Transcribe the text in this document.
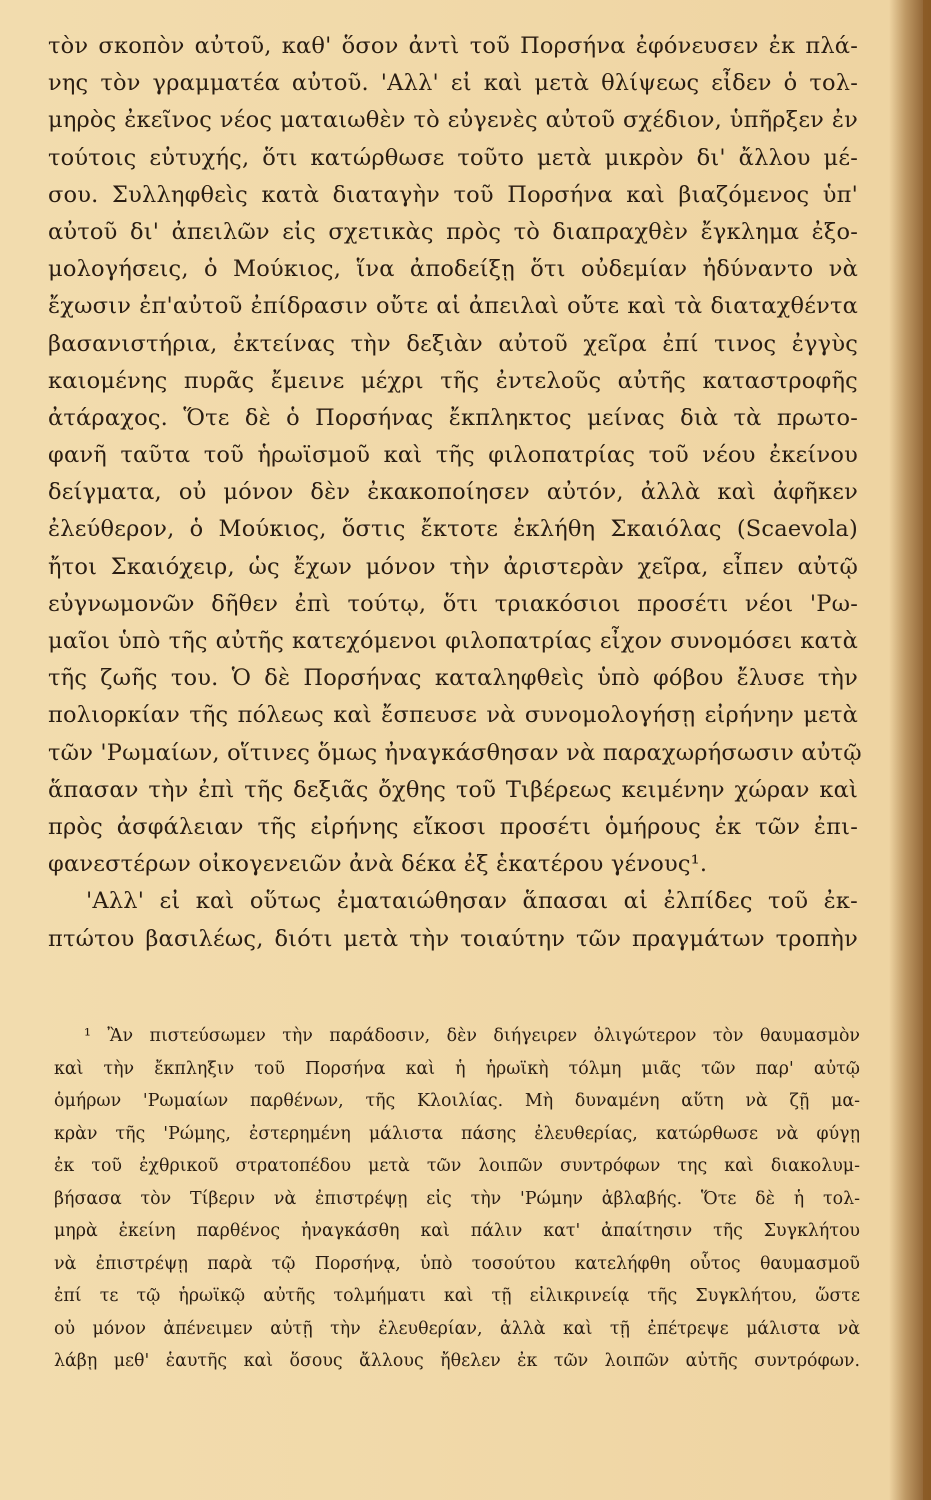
τὸν σκοπὸν αὐτοῦ, καθ' ὅσον ἀντὶ τοῦ Πορσήνα ἐφόνευσεν ἐκ πλά-
νης τὸν γραμματέα αὐτοῦ. 'Αλλ' εἰ καὶ μετὰ θλίψεως εἶδεν ὁ τολ-
μηρὸς ἐκεῖνος νέος ματαιωθὲν τὸ εὐγενὲς αὐτοῦ σχέδιον, ὑπῆρξεν ἐν
τούτοις εὐτυχής, ὅτι κατώρθωσε τοῦτο μετὰ μικρὸν δι' ἄλλου μέ-
σου. Συλληφθεὶς κατὰ διαταγὴν τοῦ Πορσήνα καὶ βιαζόμενος ὑπ'
αὐτοῦ δι' ἀπειλῶν εἰς σχετικὰς πρὸς τὸ διαπραχθὲν ἔγκλημα ἐξο-
μολογήσεις, ὁ Μούκιος, ἵνα ἀποδείξῃ ὅτι οὐδεμίαν ἠδύναντο νὰ
ἔχωσιν ἐπ'αὐτοῦ ἐπίδρασιν οὔτε αἱ ἀπειλαὶ οὔτε καὶ τὰ διαταχθέντα
βασανιστήρια, ἐκτείνας τὴν δεξιὰν αὐτοῦ χεῖρα ἐπί τινος ἐγγὺς
καιομένης πυρᾶς ἔμεινε μέχρι τῆς ἐντελοῦς αὐτῆς καταστροφῆς
ἀτάραχος. Ὅτε δὲ ὁ Πορσήνας ἔκπληκτος μείνας διὰ τὰ πρωτο-
φανῆ ταῦτα τοῦ ἡρωϊσμοῦ καὶ τῆς φιλοπατρίας τοῦ νέου ἐκείνου
δείγματα, οὐ μόνον δὲν ἐκακοποίησεν αὐτόν, ἀλλὰ καὶ ἀφῆκεν
ἐλεύθερον, ὁ Μούκιος, ὅστις ἔκτοτε ἐκλήθη Σκαιόλας (Scaevola)
ἤτοι Σκαιόχειρ, ὡς ἔχων μόνον τὴν ἀριστερὰν χεῖρα, εἶπεν αὐτῷ
εὐγνωμονῶν δῆθεν ἐπὶ τούτῳ, ὅτι τριακόσιοι προσέτι νέοι 'Ρω-
μαῖοι ὑπὸ τῆς αὐτῆς κατεχόμενοι φιλοπατρίας εἶχον συνομόσει κατὰ
τῆς ζωῆς του. Ὁ δὲ Πορσήνας καταληφθεὶς ὑπὸ φόβου ἔλυσε τὴν
πολιορκίαν τῆς πόλεως καὶ ἔσπευσε νὰ συνομολογήσῃ εἰρήνην μετὰ
τῶν 'Ρωμαίων, οἵτινες ὅμως ἠναγκάσθησαν νὰ παραχωρήσωσιν αὐτῷ
ἅπασαν τὴν ἐπὶ τῆς δεξιᾶς ὄχθης τοῦ Τιβέρεως κειμένην χώραν καὶ
πρὸς ἀσφάλειαν τῆς εἰρήνης εἴκοσι προσέτι ὁμήρους ἐκ τῶν ἐπι-
φανεστέρων οἰκογενειῶν ἀνὰ δέκα ἐξ ἑκατέρου γένους¹.
'Αλλ' εἰ καὶ οὕτως ἐματαιώθησαν ἅπασαι αἱ ἐλπίδες τοῦ ἐκ-
πτώτου βασιλέως, διότι μετὰ τὴν τοιαύτην τῶν πραγμάτων τροπὴν
¹ Ἂν πιστεύσωμεν τὴν παράδοσιν, δὲν διήγειρεν ὀλιγώτερον τὸν θαυμασμὸν
καὶ τὴν ἔκπληξιν τοῦ Πορσήνα καὶ ἡ ἡρωϊκὴ τόλμη μιᾶς τῶν παρ' αὐτῷ
ὁμήρων 'Ρωμαίων παρθένων, τῆς Κλοιλίας. Μὴ δυναμένη αὕτη νὰ ζῇ μα-
κρὰν τῆς 'Ρώμης, ἐστερημένη μάλιστα πάσης ἐλευθερίας, κατώρθωσε νὰ φύγῃ
ἐκ τοῦ ἐχθρικοῦ στρατοπέδου μετὰ τῶν λοιπῶν συντρόφων της καὶ διακολυμ-
βήσασα τὸν Τίβεριν νὰ ἐπιστρέψῃ εἰς τὴν 'Ρώμην ἀβλαβής. Ὅτε δὲ ἡ τολ-
μηρὰ ἐκείνη παρθένος ἠναγκάσθη καὶ πάλιν κατ' ἀπαίτησιν τῆς Συγκλήτου
νὰ ἐπιστρέψῃ παρὰ τῷ Πορσήνᾳ, ὑπὸ τοσούτου κατελήφθη οὗτος θαυμασμοῦ
ἐπί τε τῷ ἡρωϊκῷ αὐτῆς τολμήματι καὶ τῇ εἰλικρινείᾳ τῆς Συγκλήτου, ὥστε
οὐ μόνον ἀπένειμεν αὐτῇ τὴν ἐλευθερίαν, ἀλλὰ καὶ τῇ ἐπέτρεψε μάλιστα νὰ
λάβῃ μεθ' ἑαυτῆς καὶ ὅσους ἄλλους ἤθελεν ἐκ τῶν λοιπῶν αὐτῆς συντρόφων.
